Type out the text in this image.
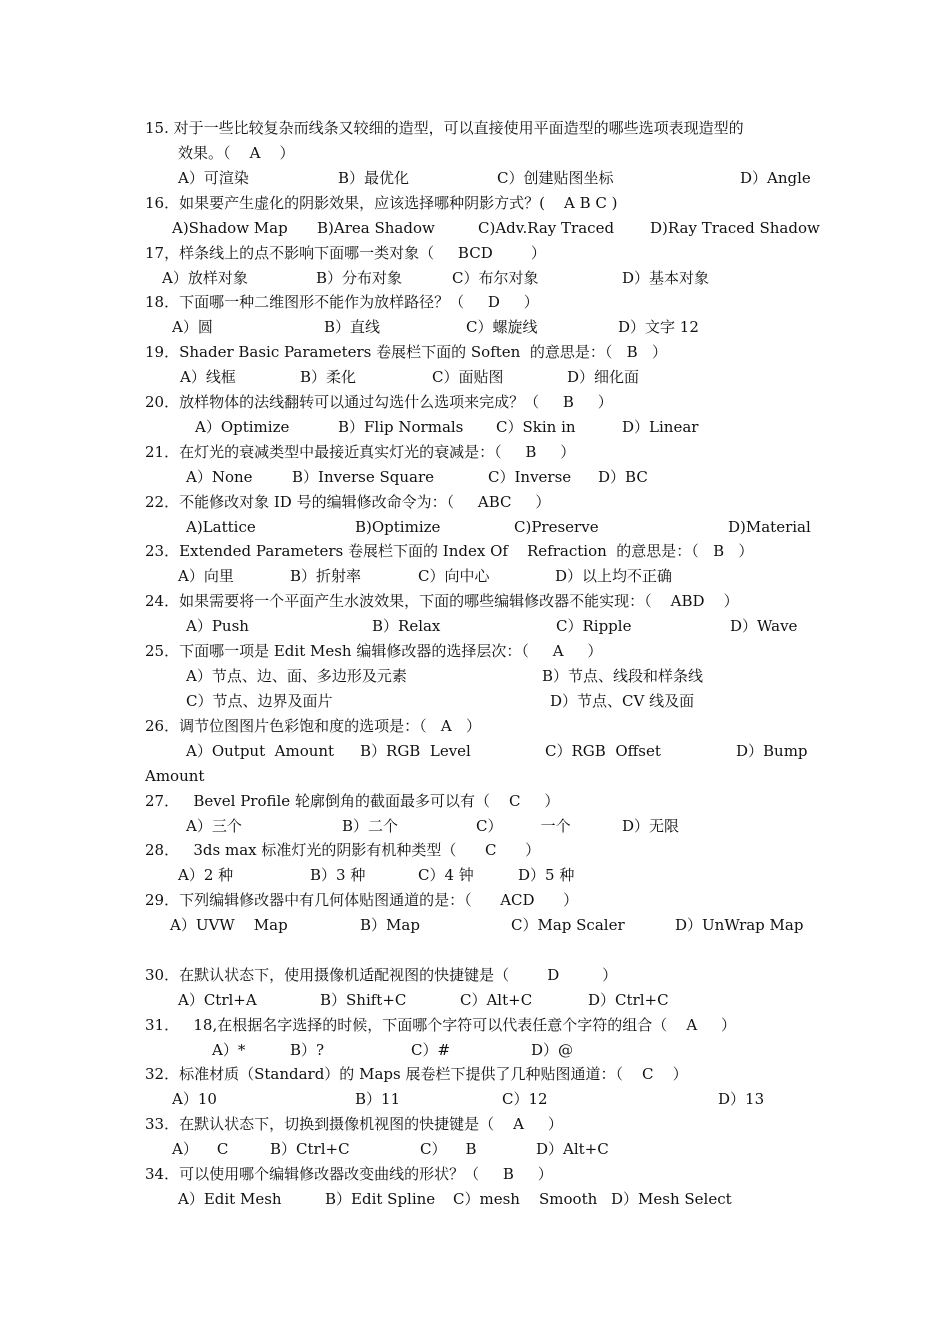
15. 对于一些比较复杂而线条又较细的造型，可以直接使用平面造型的哪些选项表现造型的
效果。（    A    ）
A）可渲染	B）最优化	C）创建贴图坐标	D）Angle
16．如果要产生虚化的阴影效果，应该选择哪种阴影方式？(    A B C )
A)Shadow Map B)Area Shadow	C)Adv.Ray Traced D)Ray Traced Shadow
17，样条线上的点不影响下面哪一类对象（     BCD        ）
A）放样对象	B）分布对象	C）布尔对象	D）基本对象
18．下面哪一种二维图形不能作为放样路径？（     D     ）
A）圆	B）直线	C）螺旋线	D）文字 12
19．Shader Basic Parameters 卷展栏下面的 Soften  的意思是：（   B   ）
A）线框	B）柔化	C）面贴图	D）细化面
20．放样物体的法线翻转可以通过勾选什么选项来完成？（     B     ）
A）Optimize	B）Flip Normals C）Skin in	D）Linear
21．在灯光的衰减类型中最接近真实灯光的衰减是：（     B     ）
A）None	B）Inverse Square	C）Inverse D）BC
22．不能修改对象 ID 号的编辑修改命令为：（     ABC     ）
A)Lattice	B)Optimize	C)Preserve	D)Material
23．Extended Parameters 卷展栏下面的 Index Of    Refraction  的意思是：（   B   ）
A）向里	B）折射率	C）向中心	D）以上均不正确
24．如果需要将一个平面产生水波效果，下面的哪些编辑修改器不能实现：（    ABD    ）
A）Push	B）Relax	C）Ripple	D）Wave
25．下面哪一项是 Edit Mesh 编辑修改器的选择层次：（     A     ）
A）节点、边、面、多边形及元素	B）节点、线段和样条线
C）节点、边界及面片	D）节点、CV 线及面
26．调节位图图片色彩饱和度的选项是：（   A   ）
A）Output  Amount B）RGB  Level	C）RGB  Offset	D）Bump
Amount
27．   Bevel Profile 轮廓倒角的截面最多可以有（    C     ）
A）三个	B）二个	C）        一个	D）无限
28．   3ds max 标准灯光的阴影有机种类型（      C      ）
A）2 种	B）3 种	C）4 钟	D）5 种
29．下列编辑修改器中有几何体贴图通道的是：（      ACD      ）
A）UVW    Map	B）Map	C）Map Scaler	D）UnWrap Map
30．在默认状态下，使用摄像机适配视图的快捷键是（        D         ）
A）Ctrl+A	B）Shift+C	C）Alt+C	D）Ctrl+C
31．   18,在根据名字选择的时候，下面哪个字符可以代表任意个字符的组合（    A     ）
A）*	B）?	C）#	D）@
32．标准材质（Standard）的 Maps 展卷栏下提供了几种贴图通道：（    C    ）
A）10	B）11	C）12	D）13
33．在默认状态下，切换到摄像机视图的快捷键是（    A     ）
A）    C	B）Ctrl+C	C）    B	D）Alt+C
34．可以使用哪个编辑修改器改变曲线的形状？（     B     ）
A）Edit Mesh	B）Edit Spline C）mesh    Smooth D）Mesh Select
